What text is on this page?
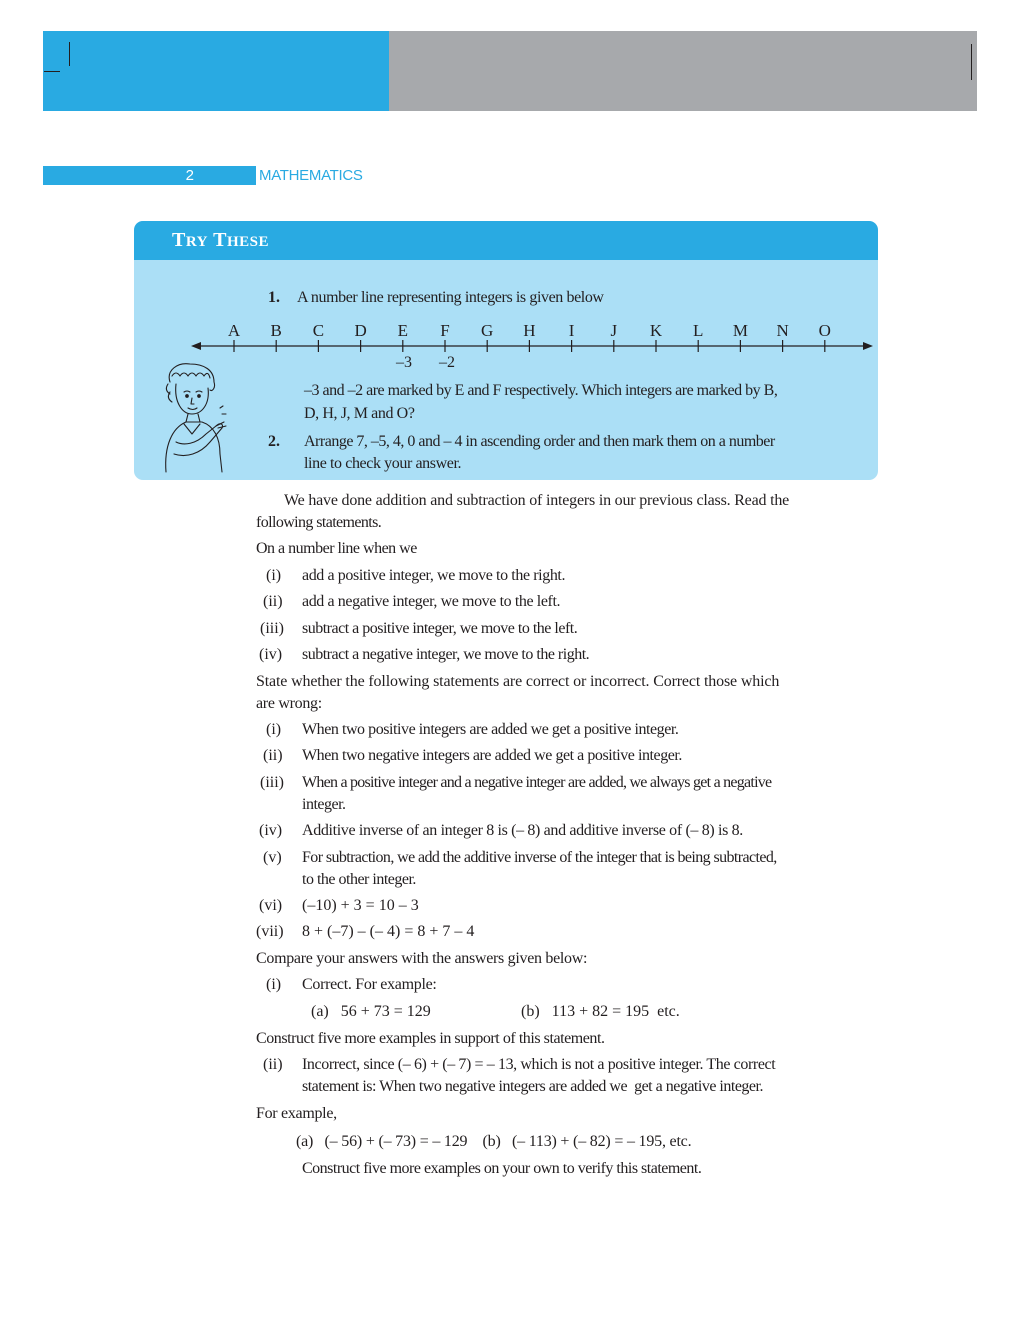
2	MATHEMATICS
TRY THESE
1. A number line representing integers is given below
A B C D E F G H I J K L M N O
–3 –2
–3 and –2 are marked by E and F respectively. Which integers are marked by B,
D, H, J, M and O?
2. Arrange 7, –5, 4, 0 and – 4 in ascending order and then mark them on a number
line to check your answer.
We have done addition and subtraction of integers in our previous class. Read the
following statements.
On a number line when we
(i) add a positive integer, we move to the right.
(ii) add a negative integer, we move to the left.
(iii) subtract a positive integer, we move to the left.
(iv) subtract a negative integer, we move to the right.
State whether the following statements are correct or incorrect. Correct those which
are wrong:
(i) When two positive integers are added we get a positive integer.
(ii) When two negative integers are added we get a positive integer.
(iii) When a positive integer and a negative integer are added, we always get a negative
integer.
(iv) Additive inverse of an integer 8 is (– 8) and additive inverse of (– 8) is 8.
(v) For subtraction, we add the additive inverse of the integer that is being subtracted,
to the other integer.
(vi) (–10) + 3 = 10 – 3
(vii) 8 + (–7) – (– 4) = 8 + 7 – 4
Compare your answers with the answers given below:
(i) Correct. For example:
(a)   56 + 73 = 129	(b)   113 + 82 = 195  etc.
Construct five more examples in support of this statement.
(ii) Incorrect, since (– 6) + (– 7) = – 13, which is not a positive integer. The correct
statement is: When two negative integers are added we  get a negative integer.
For example,
(a)   (– 56) + (– 73) = – 129    (b)   (– 113) + (– 82) = – 195, etc.
Construct five more examples on your own to verify this statement.
